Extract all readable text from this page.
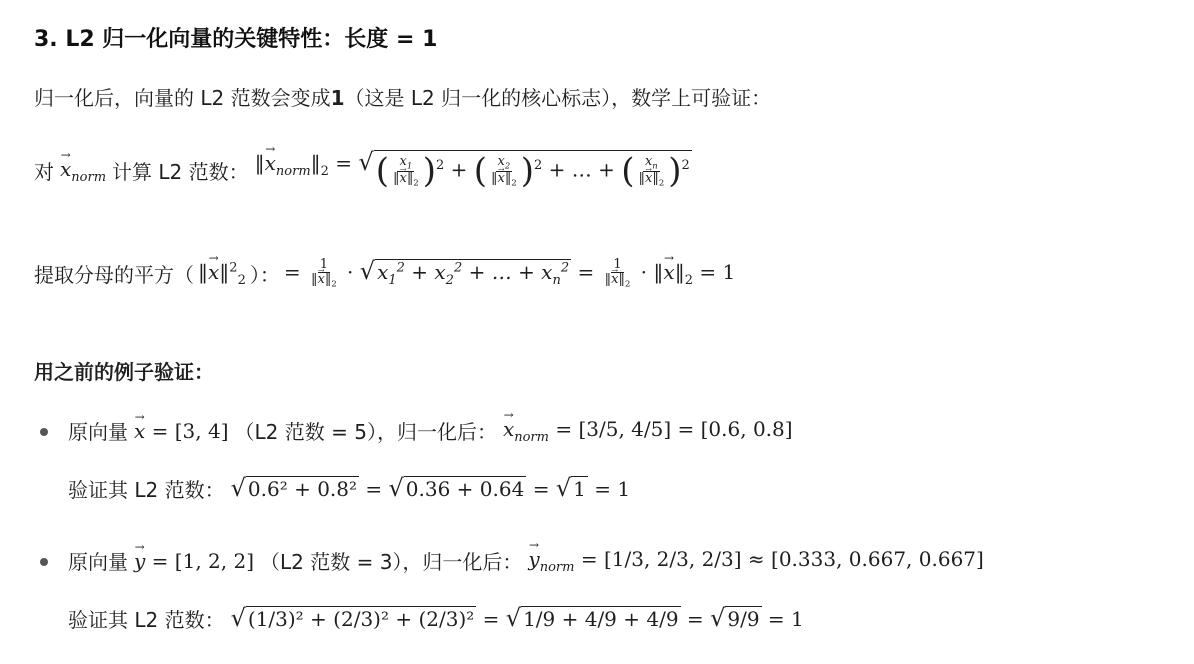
3. L2 归一化向量的关键特性：长度 = 1
归一化后，向量的 L2 范数会变成1（这是 L2 归一化的核心标志），数学上可验证：
对 → $x_{norm}$ 计算 L2 范数： ‖→ $x_{norm}‖_2$ = √ ( $\frac{x_1}{‖\to x‖_2} )^2$ + ( $\frac{x_2}{‖\to x‖_2} )^2$ + … + ( $\frac{x_n}{‖\to x‖_2} )^2$
提取分母的平方（ ‖→ x‖$^2_2$ ）： = $\frac{1}{‖\to x‖_2}$ · √ $x_1^2 + x_2^2$ + … + $x_n^2 = \frac{1}{‖\to x‖_2}$ · ‖→ $x‖_2 = 1$
用之前的例子验证：
原向量 → x = [3, 4] （L2 范数 = 5），归一化后： → $x_{norm} = [3/5$, 4/5] = [0.6, 0.8]
验证其 L2 范数： √ 0.6² + 0.8² = √ 0.36 + 0.64 = √ 1 = 1
原向量 → y = [1, 2, 2] （L2 范数 = 3），归一化后： → $y_{norm} = [1/3$, 2/3, 2/3] ≈ [0.333, 0.667, 0.667]
验证其 L2 范数： √ (1/3)² + (2/3)² + (2/3)² = √ 1/9 + 4/9 + 4/9 = √ 9/9 = 1
